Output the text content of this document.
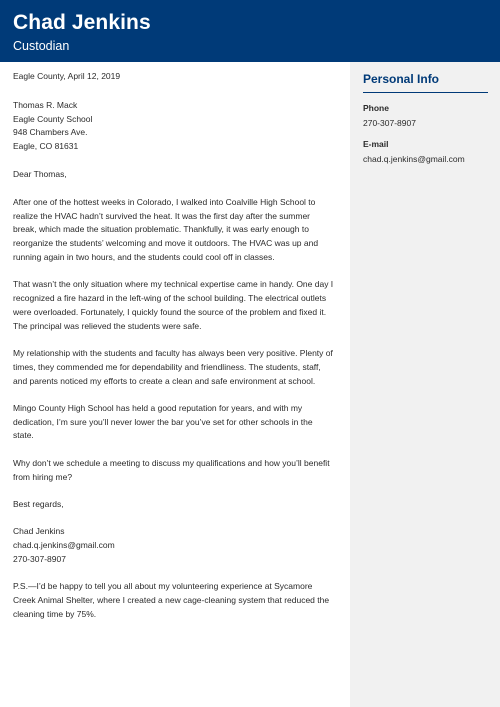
Chad Jenkins
Custodian
Personal Info
Phone
270-307-8907
E-mail
chad.q.jenkins@gmail.com

Eagle County, April 12, 2019

Thomas R. Mack
Eagle County School
948 Chambers Ave.
Eagle, CO 81631

Dear Thomas,

After one of the hottest weeks in Colorado, I walked into Coalville High School to realize the HVAC hadn’t survived the heat. It was the first day after the summer break, which made the situation problematic. Thankfully, it was early enough to reorganize the students’ welcoming and move it outdoors. The HVAC was up and running again in two hours, and the students could cool off in classes.

That wasn’t the only situation where my technical expertise came in handy. One day I recognized a fire hazard in the left-wing of the school building. The electrical outlets were overloaded. Fortunately, I quickly found the source of the problem and fixed it. The principal was relieved the students were safe.

My relationship with the students and faculty has always been very positive. Plenty of times, they commended me for dependability and friendliness. The students, staff, and parents noticed my efforts to create a clean and safe environment at school.

Mingo County High School has held a good reputation for years, and with my dedication, I’m sure you’ll never lower the bar you’ve set for other schools in the state.

Why don’t we schedule a meeting to discuss my qualifications and how you’ll benefit from hiring me?

Best regards,

Chad Jenkins
chad.q.jenkins@gmail.com
270-307-8907

P.S.—I’d be happy to tell you all about my volunteering experience at Sycamore Creek Animal Shelter, where I created a new cage-cleaning system that reduced the cleaning time by 75%.
